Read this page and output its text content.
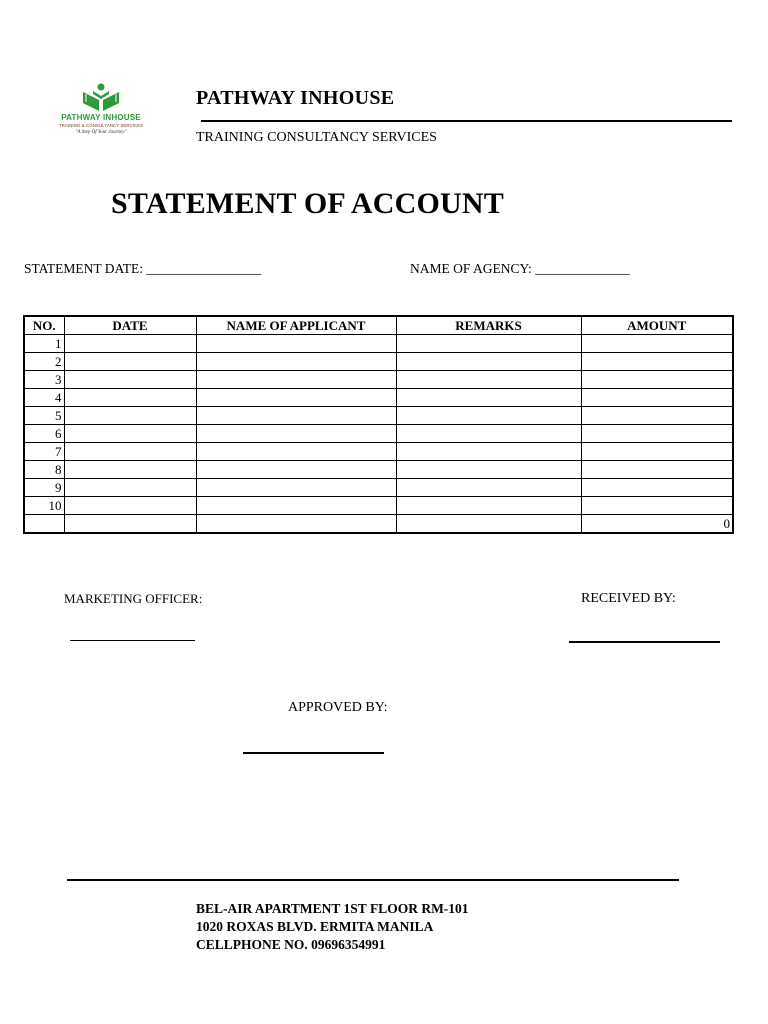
PATHWAY INHOUSE
TRAINING & CONSULTANCY SERVICES
"A Step Of Your Journey"
PATHWAY INHOUSE
TRAINING CONSULTANCY SERVICES
STATEMENT OF ACCOUNT
STATEMENT DATE: _________________	NAME OF AGENCY: ______________
NO.	DATE	NAME OF APPLICANT	REMARKS	AMOUNT
1				
2				
3				
4				
5				
6				
7				
8				
9				
10				
				0
MARKETING OFFICER:	RECEIVED BY:
APPROVED BY:
BEL-AIR APARTMENT 1ST FLOOR RM-101
1020 ROXAS BLVD. ERMITA MANILA
CELLPHONE NO. 09696354991
